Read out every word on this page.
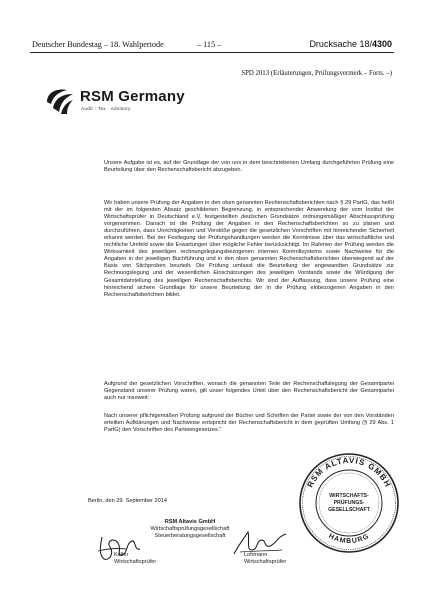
Deutscher Bundestag – 18. Wahlperiode	– 115 –	Drucksache 18/4300
SPD 2013 (Erläuterungen, Prüfungsvermerk – Forts. –)
RSM Germany
Audit · Tax · Advisory

Unsere Aufgabe ist es, auf der Grundlage der von uns in dem beschriebenen Umfang durchgeführten Prüfung eine Beurteilung über den Rechenschaftsbericht abzugeben.

Wir haben unsere Prüfung der Angaben in den oben genannten Rechenschaftsberichten nach § 29 PartG, das heißt mit der im folgenden Absatz geschilderten Begrenzung, in entsprechender Anwendung der vom Institut der Wirtschaftsprüfer in Deutschland e.V. festgestellten deutschen Grundsätze ordnungsmäßiger Abschlussprüfung vorgenommen. Danach ist die Prüfung der Angaben in den Rechenschaftsberichten so zu planen und durchzuführen, dass Unrichtigkeiten und Verstöße gegen die gesetzlichen Vorschriften mit hinreichender Sicherheit erkannt werden. Bei der Festlegung der Prüfungshandlungen werden die Kenntnisse über das wirtschaftliche und rechtliche Umfeld sowie die Erwartungen über mögliche Fehler berücksichtigt. Im Rahmen der Prüfung werden die Wirksamkeit des jeweiligen rechnungslegungsbezogenen internen Kontrollsystems sowie Nachweise für die Angaben in der jeweiligen Buchführung und in den oben genannten Rechenschaftsberichten überwiegend auf der Basis von Stichproben beurteilt. Die Prüfung umfasst die Beurteilung der angewandten Grundsätze zur Rechnungslegung und der wesentlichen Einschätzungen des jeweiligen Vorstands sowie die Würdigung der Gesamtdarstellung des jeweiligen Rechenschaftsberichts. Wir sind der Auffassung, dass unsere Prüfung eine hinreichend sichere Grundlage für unsere Beurteilung der in die Prüfung einbezogenen Angaben in den Rechenschaftsberichten bildet.

Aufgrund der gesetzlichen Vorschriften, wonach die genannten Teile der Rechenschaftslegung der Gesamtpartei Gegenstand unserer Prüfung waren, gilt unser folgendes Urteil über den Rechenschaftsbericht der Gesamtpartei auch nur insoweit:

Nach unserer pflichtgemäßen Prüfung aufgrund der Bücher und Schriften der Partei sowie der von den Vorständen erteilten Aufklärungen und Nachweise entspricht der Rechenschaftsbericht in dem geprüften Umfang (§ 29 Abs. 1 PartG) den Vorschriften des Parteiengesetzes."

Berlin, den 29. September 2014
RSM Altavis GmbH
Wirtschaftsprüfungsgesellschaft
Steuerberatungsgesellschaft
Koller
Wirtschaftsprüfer
Lohmann
Wirtschaftsprüfer
RSM ALTAVIS GMBH
HAMBURG
WIRTSCHAFTS-
PRÜFUNGS-
GESELLSCHAFT
